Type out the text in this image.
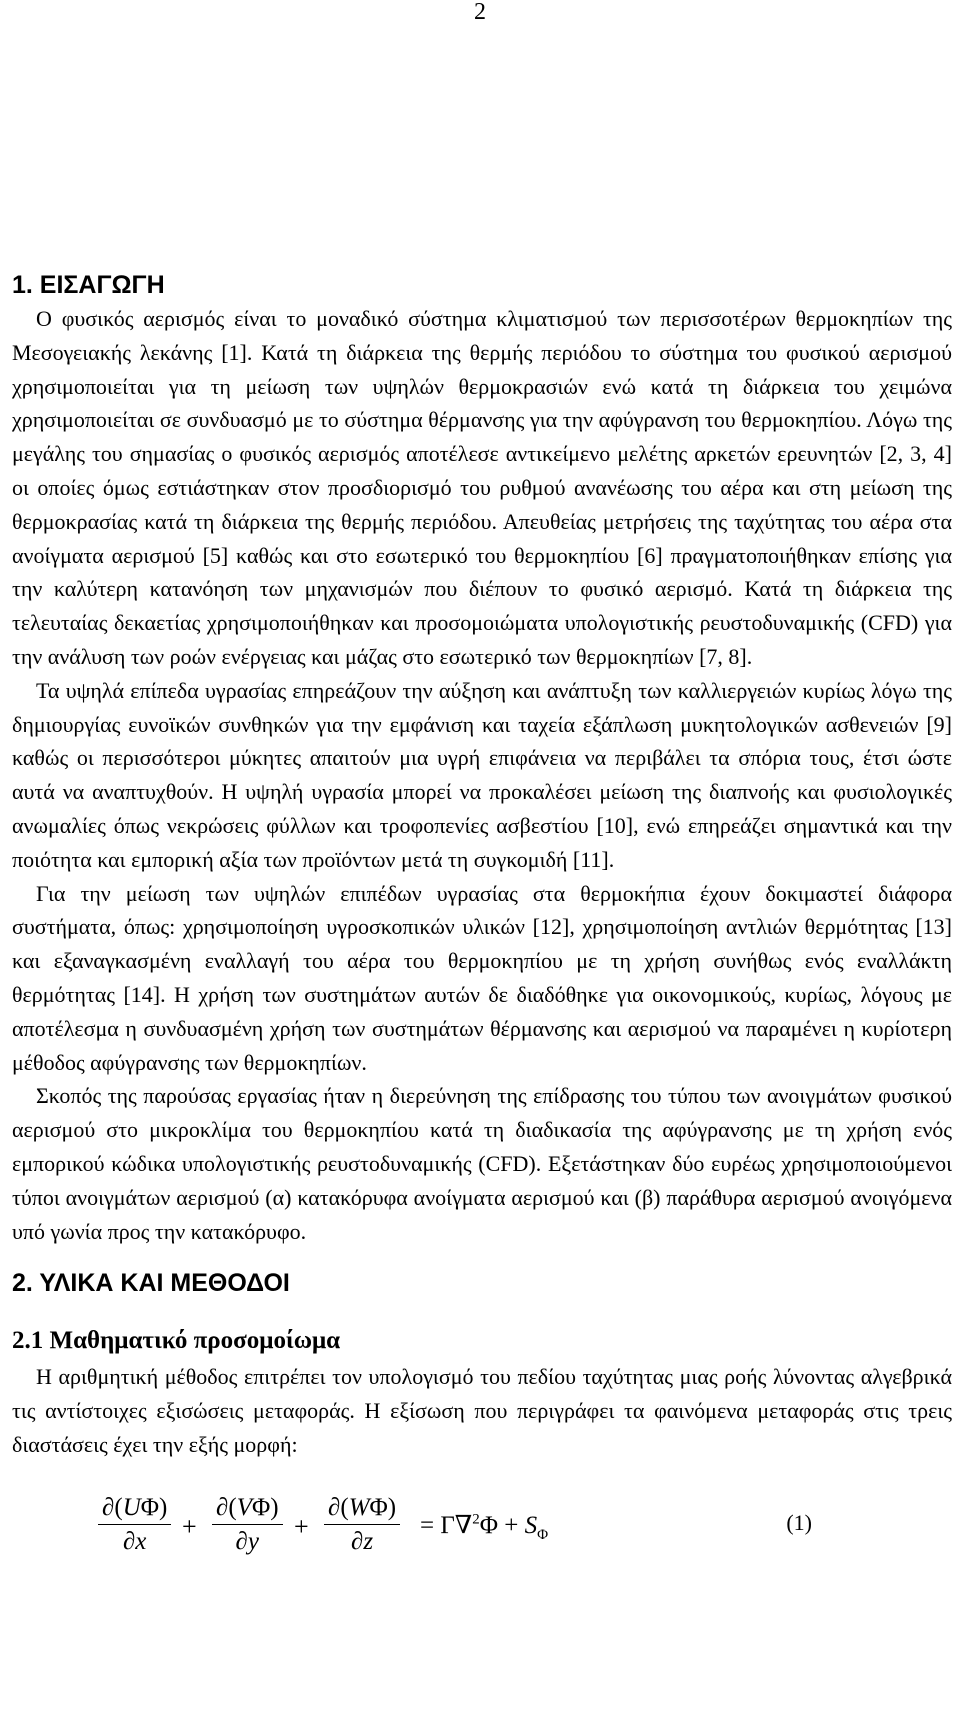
2
1. ΕΙΣΑΓΩΓΗ

Ο φυσικός αερισμός είναι το μοναδικό σύστημα κλιματισμού των περισσοτέρων θερμοκηπίων της Μεσογειακής λεκάνης [1]. Κατά τη διάρκεια της θερμής περιόδου το σύστημα του φυσικού αερισμού χρησιμοποιείται για τη μείωση των υψηλών θερμοκρασιών ενώ κατά τη διάρκεια του χειμώνα χρησιμοποιείται σε συνδυασμό με το σύστημα θέρμανσης για την αφύγρανση του θερμοκηπίου. Λόγω της μεγάλης του σημασίας ο φυσικός αερισμός αποτέλεσε αντικείμενο μελέτης αρκετών ερευνητών [2, 3, 4] οι οποίες όμως εστιάστηκαν στον προσδιορισμό του ρυθμού ανανέωσης του αέρα και στη μείωση της θερμοκρασίας κατά τη διάρκεια της θερμής περιόδου. Απευθείας μετρήσεις της ταχύτητας του αέρα στα ανοίγματα αερισμού [5] καθώς και στο εσωτερικό του θερμοκηπίου [6] πραγματοποιήθηκαν επίσης για την καλύτερη κατανόηση των μηχανισμών που διέπουν το φυσικό αερισμό. Κατά τη διάρκεια της τελευταίας δεκαετίας χρησιμοποιήθηκαν και προσομοιώματα υπολογιστικής ρευστοδυναμικής (CFD) για την ανάλυση των ροών ενέργειας και μάζας στο εσωτερικό των θερμοκηπίων [7, 8].

Τα υψηλά επίπεδα υγρασίας επηρεάζουν την αύξηση και ανάπτυξη των καλλιεργειών κυρίως λόγω της δημιουργίας ευνοϊκών συνθηκών για την εμφάνιση και ταχεία εξάπλωση μυκητολογικών ασθενειών [9] καθώς οι περισσότεροι μύκητες απαιτούν μια υγρή επιφάνεια να περιβάλει τα σπόρια τους, έτσι ώστε αυτά να αναπτυχθούν. Η υψηλή υγρασία μπορεί να προκαλέσει μείωση της διαπνοής και φυσιολογικές ανωμαλίες όπως νεκρώσεις φύλλων και τροφοπενίες ασβεστίου [10], ενώ επηρεάζει σημαντικά και την ποιότητα και εμπορική αξία των προϊόντων μετά τη συγκομιδή [11].

Για την μείωση των υψηλών επιπέδων υγρασίας στα θερμοκήπια έχουν δοκιμαστεί διάφορα συστήματα, όπως: χρησιμοποίηση υγροσκοπικών υλικών [12], χρησιμοποίηση αντλιών θερμότητας [13] και εξαναγκασμένη εναλλαγή του αέρα του θερμοκηπίου με τη χρήση συνήθως ενός εναλλάκτη θερμότητας [14]. Η χρήση των συστημάτων αυτών δε διαδόθηκε για οικονομικούς, κυρίως, λόγους με αποτέλεσμα η συνδυασμένη χρήση των συστημάτων θέρμανσης και αερισμού να παραμένει η κυρίοτερη μέθοδος αφύγρανσης των θερμοκηπίων.

Σκοπός της παρούσας εργασίας ήταν η διερεύνηση της επίδρασης του τύπου των ανοιγμάτων φυσικού αερισμού στο μικροκλίμα του θερμοκηπίου κατά τη διαδικασία της αφύγρανσης με τη χρήση ενός εμπορικού κώδικα υπολογιστικής ρευστοδυναμικής (CFD). Εξετάστηκαν δύο ευρέως χρησιμοποιούμενοι τύποι ανοιγμάτων αερισμού (α) κατακόρυφα ανοίγματα αερισμού και (β) παράθυρα αερισμού ανοιγόμενα υπό γωνία προς την κατακόρυφο.

2. ΥΛΙΚΑ ΚΑΙ ΜΕΘΟΔΟΙ
2.1 Μαθηματικό προσομοίωμα

Η αριθμητική μέθοδος επιτρέπει τον υπολογισμό του πεδίου ταχύτητας μιας ροής λύνοντας αλγεβρικά τις αντίστοιχες εξισώσεις μεταφοράς. Η εξίσωση που περιγράφει τα φαινόμενα μεταφοράς στις τρεις διαστάσεις έχει την εξής μορφή:

$\frac{\partial(U\Phi)}{\partial x} + \frac{\partial(V\Phi)}{\partial y} + \frac{\partial(W\Phi)}{\partial z} = \Gamma\nabla^2\Phi + S_\Phi$	(1)
